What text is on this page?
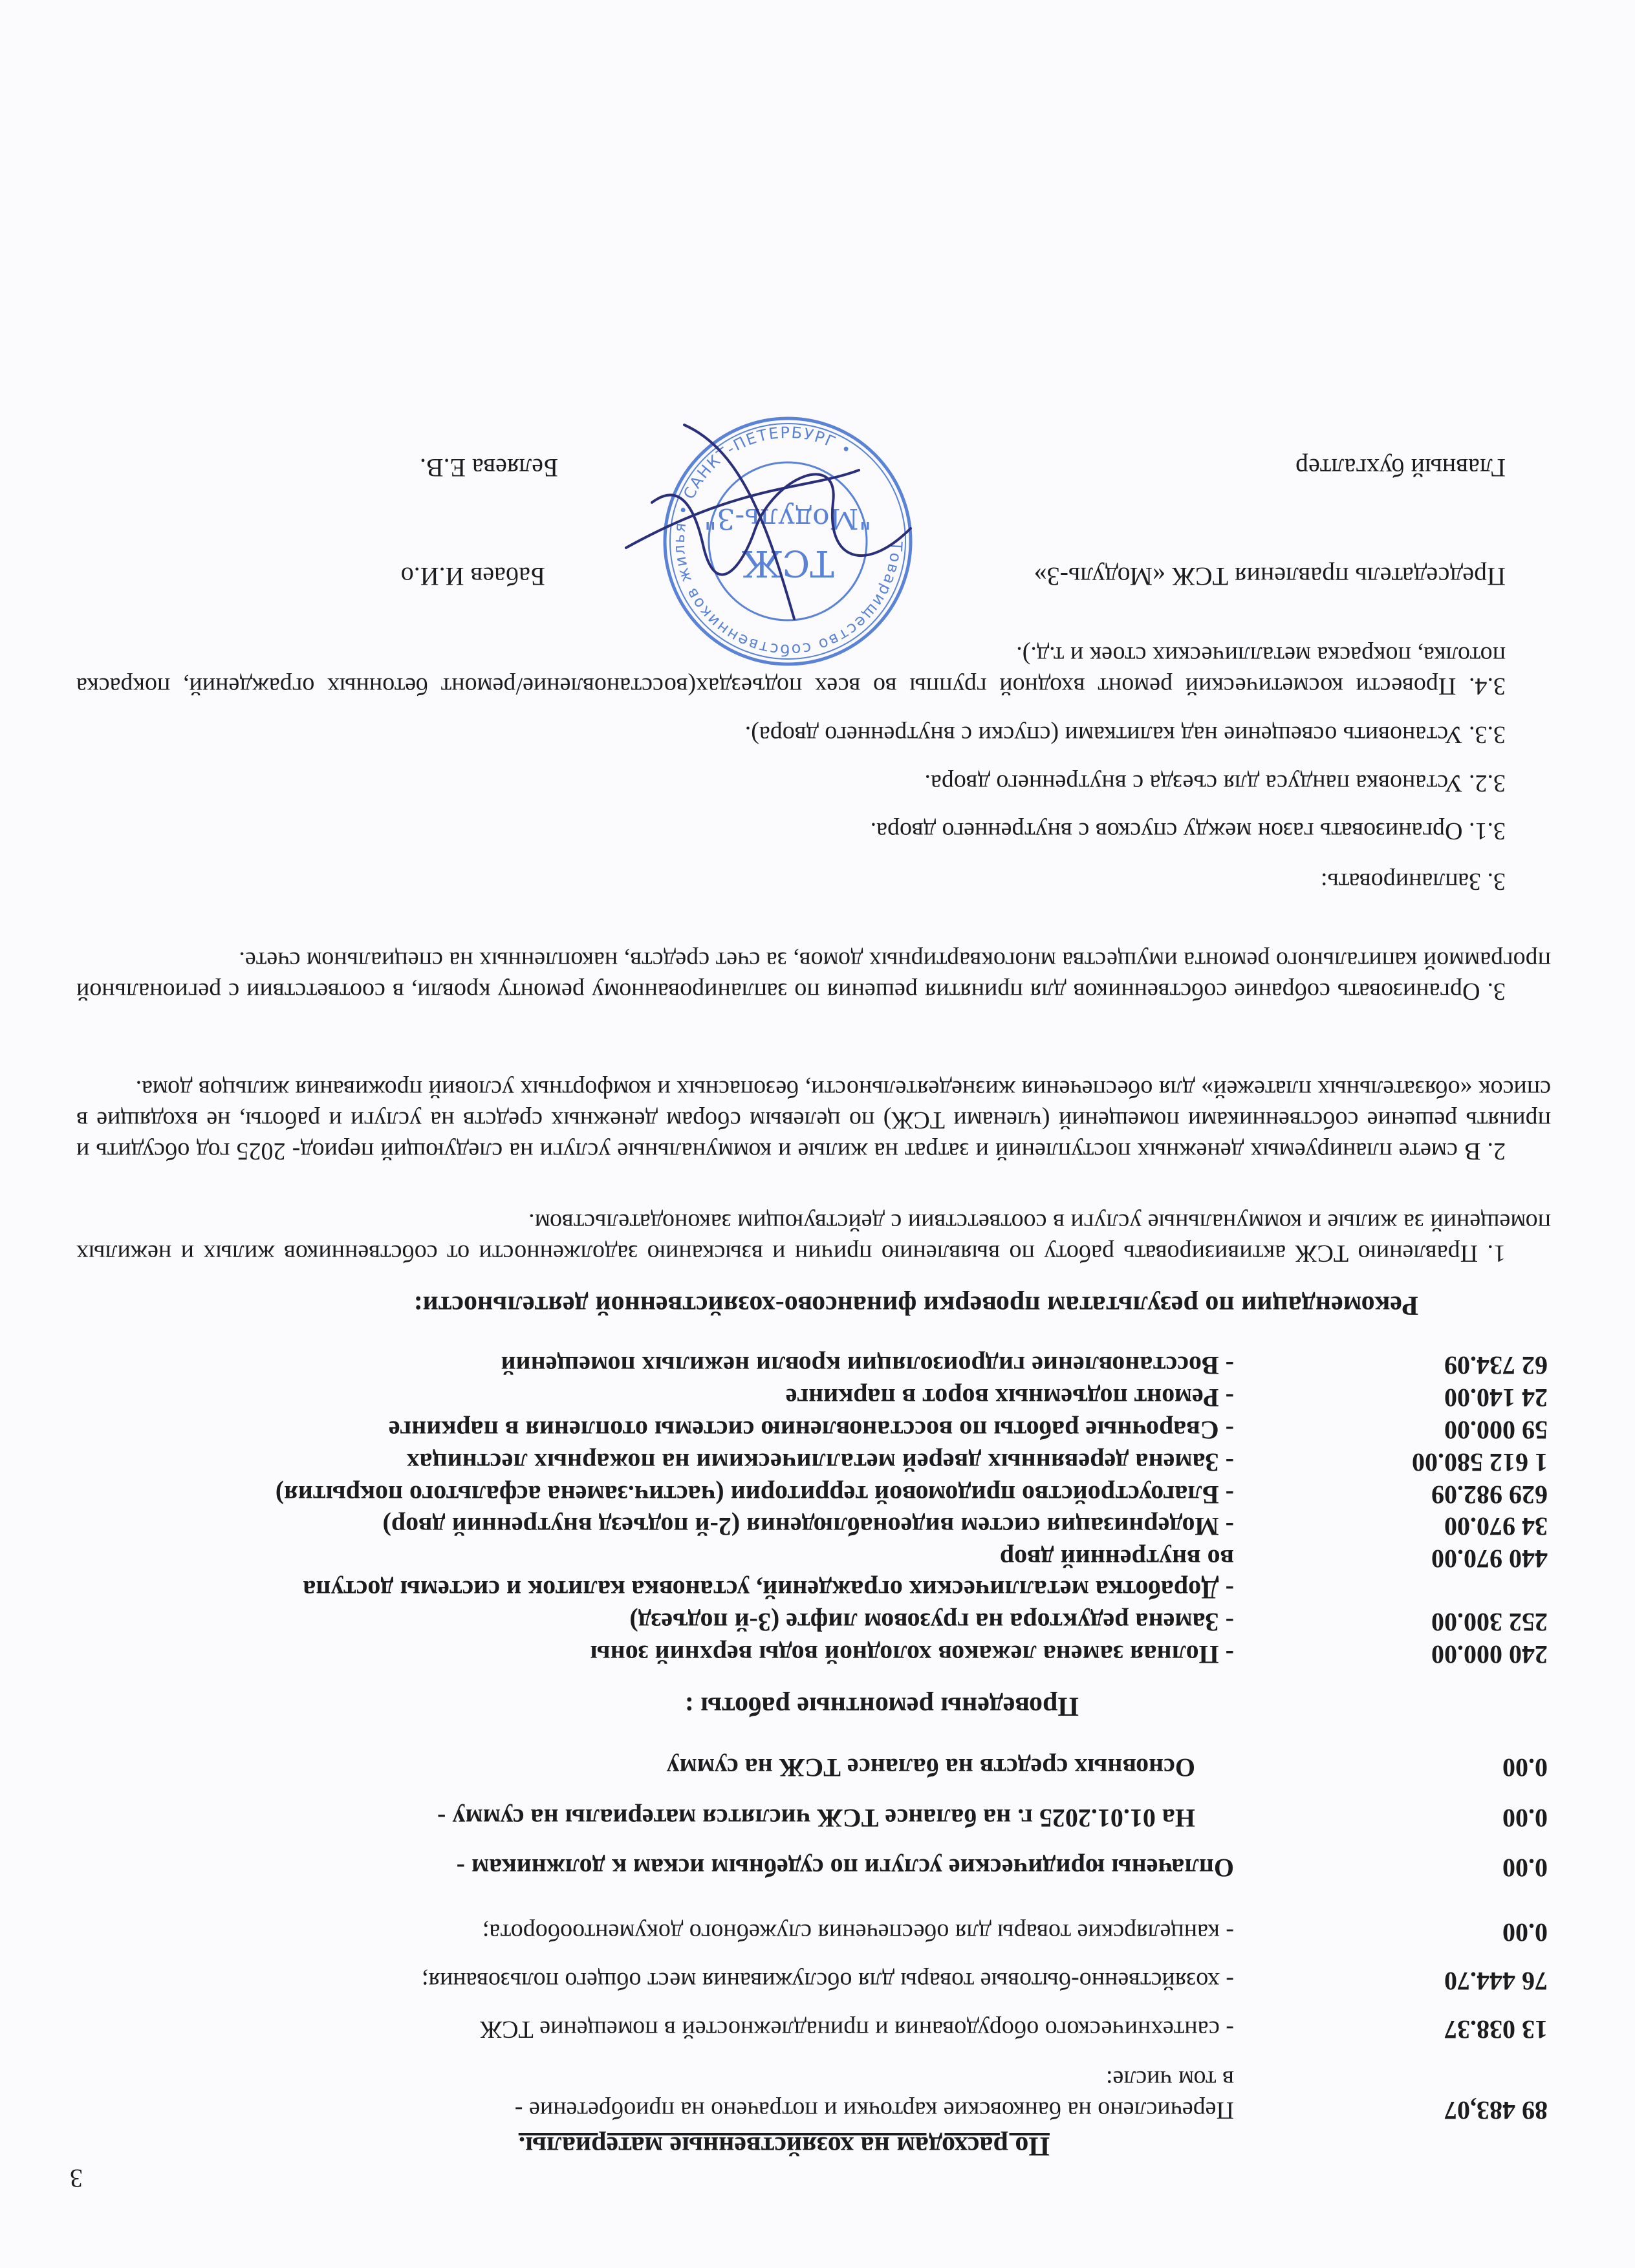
3
По расходам на хозяйственные материалы.
Перечислено на банковские карточки и потрачено на приобретение -	89 483,07
в том числе:
- сантехнического оборудования и принадлежностей в помещение ТСЖ	13 038.37
- хозяйственно-бытовые товары для обслуживания мест общего пользования;	76 444.70
- канцелярские товары для обеспечения служебного документооборота;	0.00
Оплачены юридические услуги по судебным искам к должникам -	0.00
На 01.01.2025 г. на балансе ТСЖ числятся материалы на сумму -	0.00
Основных средств на балансе ТСЖ на сумму	0.00
Проведены ремонтные работы :
- Полная замена лежаков холодной воды верхний зоны	240 000.00
- Замена редуктора на грузовом лифте (3-й подъезд)	252 300.00
- Доработка металлических ограждений, установка калиток и системы доступа
во внутренний двор	440 970.00
- Модернизация систем видеонаблюдения (2-й подъезд внутренний двор)	34 970.00
- Благоустройство придомовой территории (частич.замена асфальтого покрытия)	629 982.09
- Замена деревянных дверей металлическими на пожарных лестницах	1 612 580.00
- Сварочные работы по восстановлению системы отопления в паркинге	59 000.00
- Ремонт подъемных ворот в паркинге	24 140.00
- Восстановление гидроизоляции кровли нежилых помещений	62 734.09
Рекомендации по результатам проверки финансово-хозяйственной деятельности:
1. Правлению ТСЖ активизировать работу по выявлению причин и взысканию задолженности от собственников жилых и нежилых помещений за жилые и коммунальные услуги в соответствии с действующим законодательством.
2. В смете планируемых денежных поступлений и затрат на жилые и коммунальные услуги на следующий период- 2025 год обсудить и принять решение собственниками помещений (членами ТСЖ) по целевым сборам денежных средств на услуги и работы, не входящие в список «обязательных платежей» для обеспечения жизнедеятельности, безопасных и комфортных условий проживания жильцов дома.
3. Организовать собрание собственников для принятия решения по запланированному ремонту кровли, в соответствии с региональной программой капитального ремонта имущества многоквартирных домов, за счет средств, накопленных на специальном счете.
3. Запланировать:
3.1. Организовать газон между спусков с внутреннего двора.
3.2. Установка пандуса для съезда с внутреннего двора.
3.3. Установить освещение над калитками (спуски с внутреннего двора).
3.4. Провести косметический ремонт входной группы во всех подъездах(восстановление/ремонт бетонных ограждений, покраска потолка, покраска металлических стоек и т.д.).
Председатель правления ТСЖ «Модуль-3»
Бабаев И.И.о
Главный бухгалтер
Беляева Е.В.
Товарищество собственников жилья • САНКТ-ПЕТЕРБУРГ •
ТСЖ
"Модуль-3"
